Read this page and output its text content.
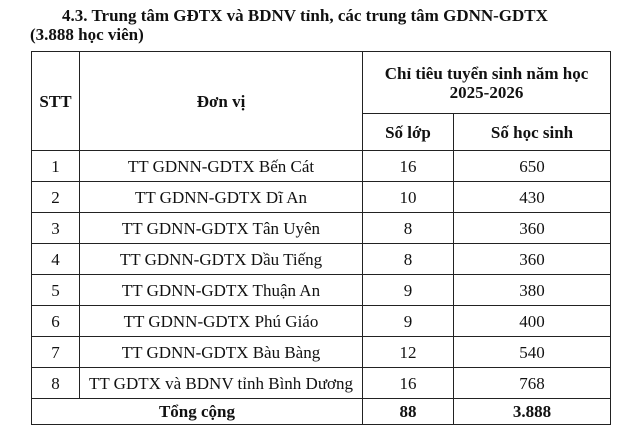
4.3. Trung tâm GĐTX và BDNV tỉnh, các trung tâm GDNN-GDTX
(3.888 học viên)
STT	Đơn vị	Chỉ tiêu tuyển sinh năm học
2025-2026	
		Số lớp	Số học sinh
1	TT GDNN-GDTX Bến Cát	16	650
2	TT GDNN-GDTX Dĩ An	10	430
3	TT GDNN-GDTX Tân Uyên	8	360
4	TT GDNN-GDTX Dầu Tiếng	8	360
5	TT GDNN-GDTX Thuận An	9	380
6	TT GDNN-GDTX Phú Giáo	9	400
7	TT GDNN-GDTX Bàu Bàng	12	540
8	TT GDTX và BDNV tỉnh Bình Dương	16	768
Tổng cộng		88	3.888
